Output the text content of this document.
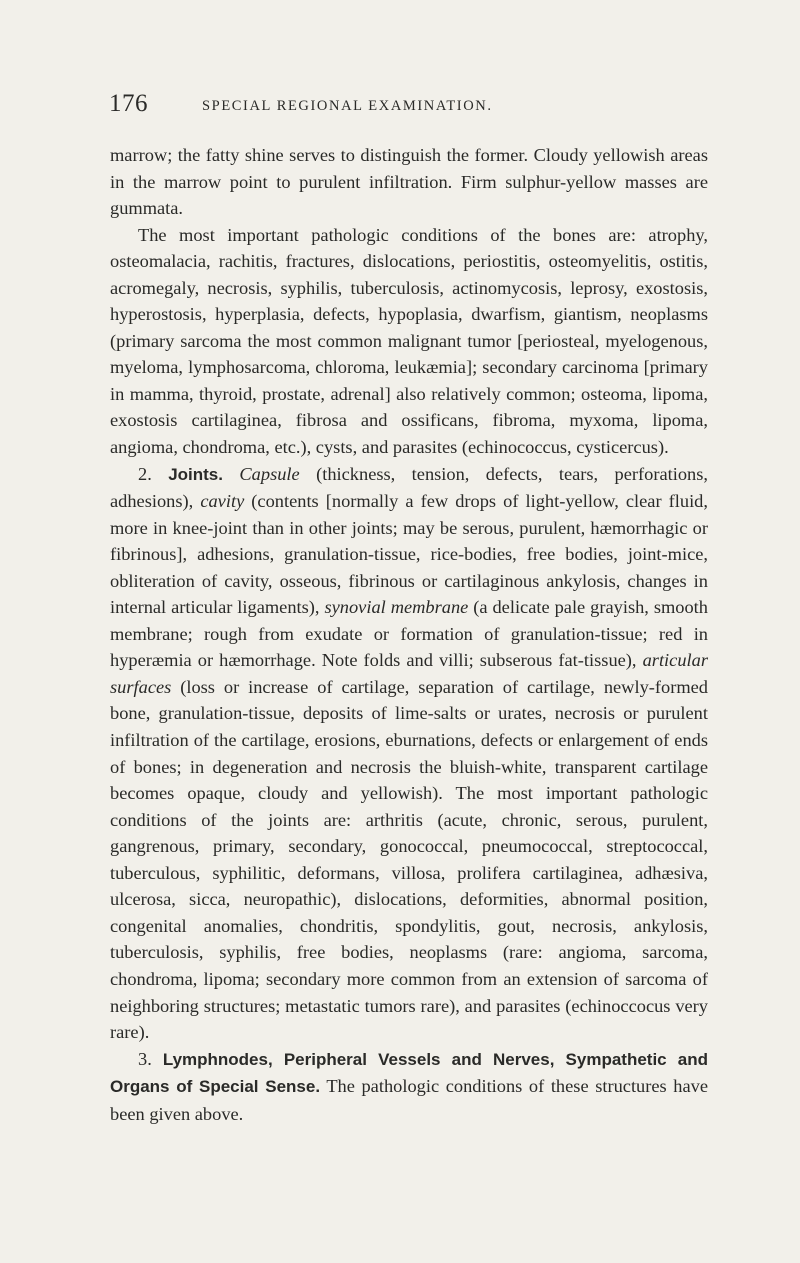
176	SPECIAL REGIONAL EXAMINATION.

marrow; the fatty shine serves to distinguish the former. Cloudy yellowish areas in the marrow point to purulent infiltration. Firm sulphur-yellow masses are gummata.

The most important pathologic conditions of the bones are: atrophy, osteomalacia, rachitis, fractures, dislocations, periostitis, osteomyelitis, ostitis, acromegaly, necrosis, syphilis, tuberculosis, actinomycosis, leprosy, exostosis, hyperostosis, hyperplasia, defects, hypoplasia, dwarfism, giantism, neoplasms (primary sarcoma the most common malignant tumor [periosteal, myelogenous, myeloma, lymphosarcoma, chloroma, leukæmia]; secondary carcinoma [primary in mamma, thyroid, prostate, adrenal] also relatively common; osteoma, lipoma, exostosis cartilaginea, fibrosa and ossificans, fibroma, myxoma, lipoma, angioma, chondroma, etc.), cysts, and parasites (echinococcus, cysticercus).

2. Joints. Capsule (thickness, tension, defects, tears, perforations, adhesions), cavity (contents [normally a few drops of light-yellow, clear fluid, more in knee-joint than in other joints; may be serous, purulent, hæmorrhagic or fibrinous], adhesions, granulation-tissue, rice-bodies, free bodies, joint-mice, obliteration of cavity, osseous, fibrinous or cartilaginous ankylosis, changes in internal articular ligaments), synovial membrane (a delicate pale grayish, smooth membrane; rough from exudate or formation of granulation-tissue; red in hyperæmia or hæmorrhage. Note folds and villi; subserous fat-tissue), articular surfaces (loss or increase of cartilage, separation of cartilage, newly-formed bone, granulation-tissue, deposits of lime-salts or urates, necrosis or purulent infiltration of the cartilage, erosions, eburnations, defects or enlargement of ends of bones; in degeneration and necrosis the bluish-white, transparent cartilage becomes opaque, cloudy and yellowish). The most important pathologic conditions of the joints are: arthritis (acute, chronic, serous, purulent, gangrenous, primary, secondary, gonococcal, pneumococcal, streptococcal, tuberculous, syphilitic, deformans, villosa, prolifera cartilaginea, adhæsiva, ulcerosa, sicca, neuropathic), dislocations, deformities, abnormal position, congenital anomalies, chondritis, spondylitis, gout, necrosis, ankylosis, tuberculosis, syphilis, free bodies, neoplasms (rare: angioma, sarcoma, chondroma, lipoma; secondary more common from an extension of sarcoma of neighboring structures; metastatic tumors rare), and parasites (echinoccocus very rare).

3. Lymphnodes, Peripheral Vessels and Nerves, Sympathetic and Organs of Special Sense. The pathologic conditions of these structures have been given above.
